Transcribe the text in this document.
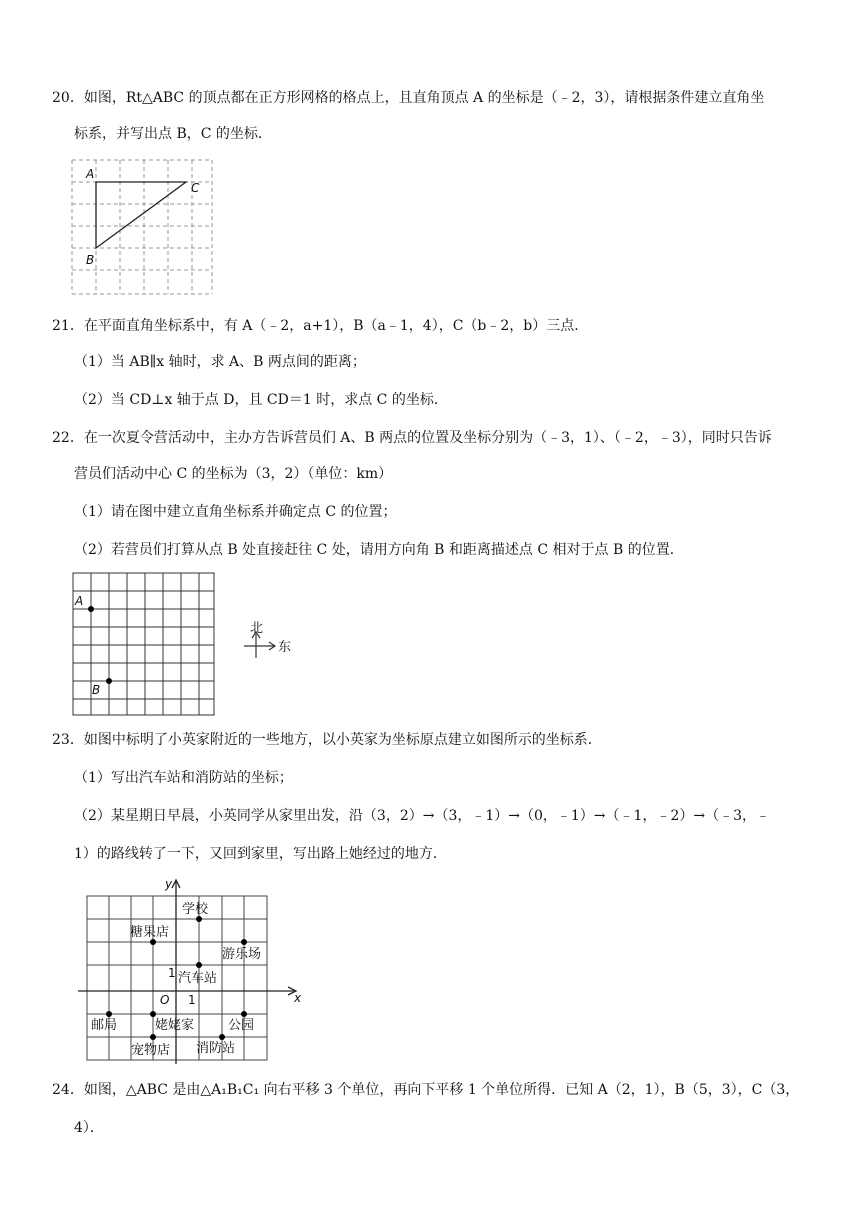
20．如图，Rt△ABC 的顶点都在正方形网格的格点上，且直角顶点 A 的坐标是（﹣2，3），请根据条件建立直角坐
标系，并写出点 B，C 的坐标．
A
B
C
21．在平面直角坐标系中，有 A（﹣2，a+1），B（a﹣1，4），C（b﹣2，b）三点．
（1）当 AB∥x 轴时，求 A、B 两点间的距离；
（2）当 CD⊥x 轴于点 D，且 CD＝1 时，求点 C 的坐标．
22．在一次夏令营活动中，主办方告诉营员们 A、B 两点的位置及坐标分别为（﹣3，1）、（﹣2，﹣3），同时只告诉
营员们活动中心 C 的坐标为（3，2）（单位：km）
（1）请在图中建立直角坐标系并确定点 C 的位置；
（2）若营员们打算从点 B 处直接赶往 C 处，请用方向角 B 和距离描述点 C 相对于点 B 的位置．
A
B
北
东
23．如图中标明了小英家附近的一些地方，以小英家为坐标原点建立如图所示的坐标系．
（1）写出汽车站和消防站的坐标；
（2）某星期日早晨，小英同学从家里出发，沿（3，2）→（3，﹣1）→（0，﹣1）→（﹣1，﹣2）→（﹣3，﹣
1）的路线转了一下，又回到家里，写出路上她经过的地方．
x
y
O 1
1
学校
糖果店
游乐场
汽车站
邮局	姥姥家	公园
宠物店 消防站
24．如图，△ABC 是由△A₁B₁C₁ 向右平移 3 个单位，再向下平移 1 个单位所得．已知 A（2，1），B（5，3），C（3，
4）．
